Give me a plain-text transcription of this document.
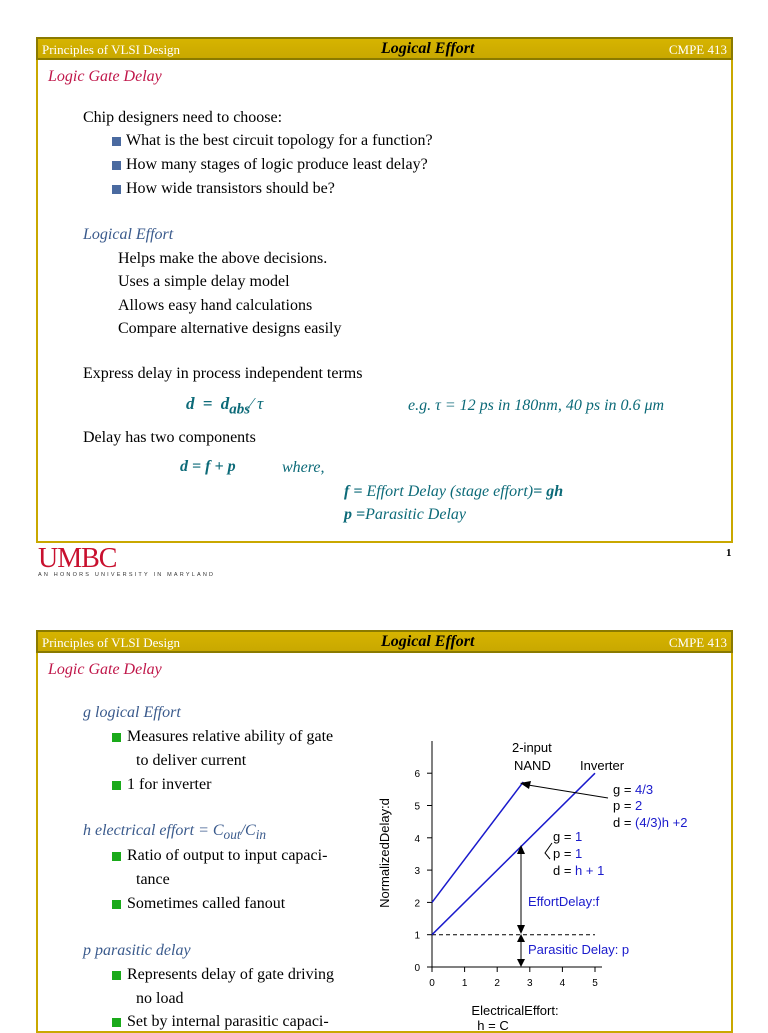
Principles of VLSI Design	Logical Effort	CMPE 413
Logic Gate Delay
Chip designers need to choose:
What is the best circuit topology for a function?
How many stages of logic produce least delay?
How wide transistors should be?
Logical Effort
Helps make the above decisions.
Uses a simple delay model
Allows easy hand calculations
Compare alternative designs easily
Express delay in process independent terms
$d = d_{abs}⁄$ τ	e.g. τ = 12 ps in 180nm, 40 ps in 0.6 μm
Delay has two components
d = f + p	where,
f = Effort Delay (stage effort)= gh
p =Parasitic Delay
UMBC
AN HONORS UNIVERSITY IN MARYLAND
1
Principles of VLSI Design	Logical Effort	CMPE 413
Logic Gate Delay
g logical Effort
Measures relative ability of gate
to deliver current
1 for inverter
h electrical effort = $C_{out}/C_{in}$
Ratio of output to input capaci-
tance
Sometimes called fanout
p parasitic delay
Represents delay of gate driving
no load
Set by internal parasitic capaci-
0
1
2
3
4
5
6
0	1	2	3	4	5
NormalizedDelay:d
ElectricalEffort:
h = C
2-input
NAND Inverter
g = 4/3
p = 2
d = (4/3)h +2
g = 1
p = 1
d = h + 1
EffortDelay:f
Parasitic Delay: p
